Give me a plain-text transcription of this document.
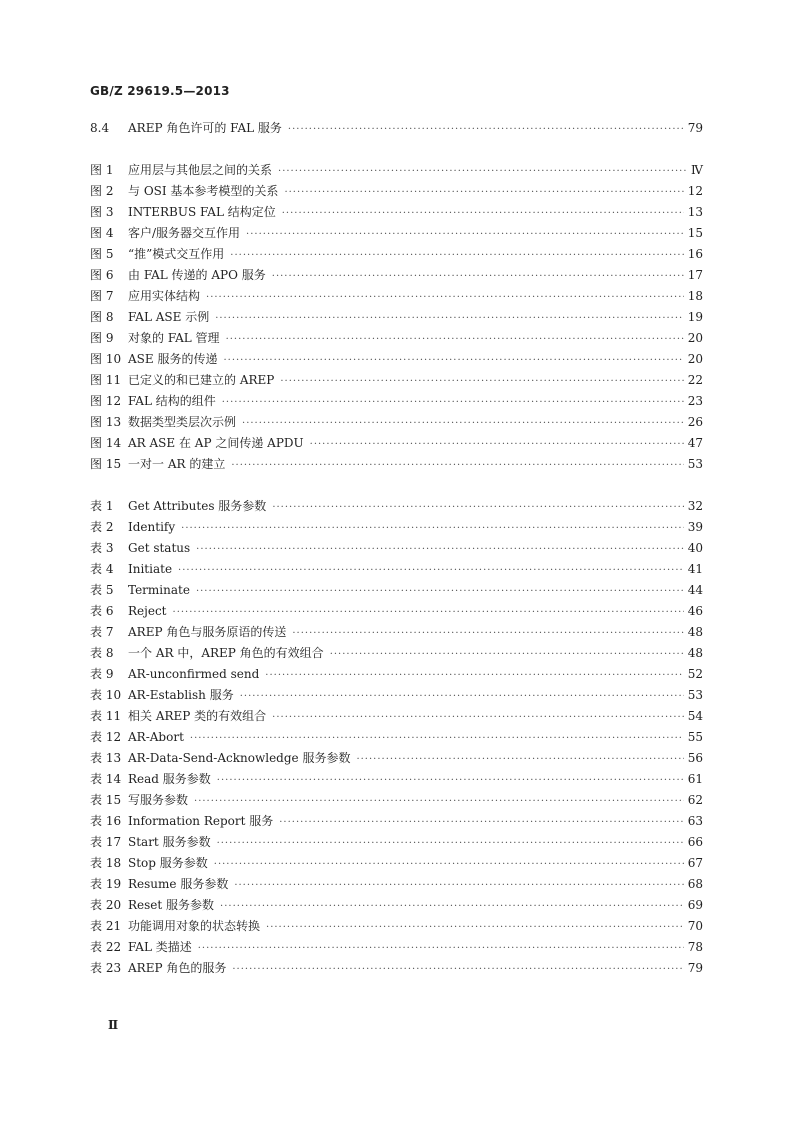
GB/Z 29619.5—2013
8.4	AREP 角色许可的 FAL 服务 ·····	79
图 1	应用层与其他层之间的关系 ·····	Ⅳ
图 2	与 OSI 基本参考模型的关系 ·····	12
图 3	INTERBUS FAL 结构定位 ·····	13
图 4	客户/服务器交互作用 ·····	15
图 5	“推”模式交互作用 ·····	16
图 6	由 FAL 传递的 APO 服务 ·····	17
图 7	应用实体结构 ·····	18
图 8	FAL ASE 示例 ·····	19
图 9	对象的 FAL 管理 ·····	20
图 10 ASE 服务的传递 ·····	20
图 11 已定义的和已建立的 AREP ·····	22
图 12 FAL 结构的组件 ·····	23
图 13 数据类型类层次示例 ·····	26
图 14 AR ASE 在 AP 之间传递 APDU ·····	47
图 15 一对一 AR 的建立 ·····	53
表 1	Get Attributes 服务参数 ·····	32
表 2	Identify ·····	39
表 3	Get status ·····	40
表 4	Initiate ·····	41
表 5	Terminate ·····	44
表 6	Reject ·····	46
表 7	AREP 角色与服务原语的传送 ·····	48
表 8	一个 AR 中，AREP 角色的有效组合 ·····	48
表 9	AR-unconfirmed send ·····	52
表 10 AR-Establish 服务 ·····	53
表 11 相关 AREP 类的有效组合 ·····	54
表 12 AR-Abort ·····	55
表 13 AR-Data-Send-Acknowledge 服务参数 ·····	56
表 14 Read 服务参数 ·····	61
表 15 写服务参数 ·····	62
表 16 Information Report 服务 ·····	63
表 17 Start 服务参数 ·····	66
表 18 Stop 服务参数 ·····	67
表 19 Resume 服务参数 ·····	68
表 20 Reset 服务参数 ·····	69
表 21 功能调用对象的状态转换 ·····	70
表 22 FAL 类描述 ·····	78
表 23 AREP 角色的服务 ·····	79
Ⅱ
